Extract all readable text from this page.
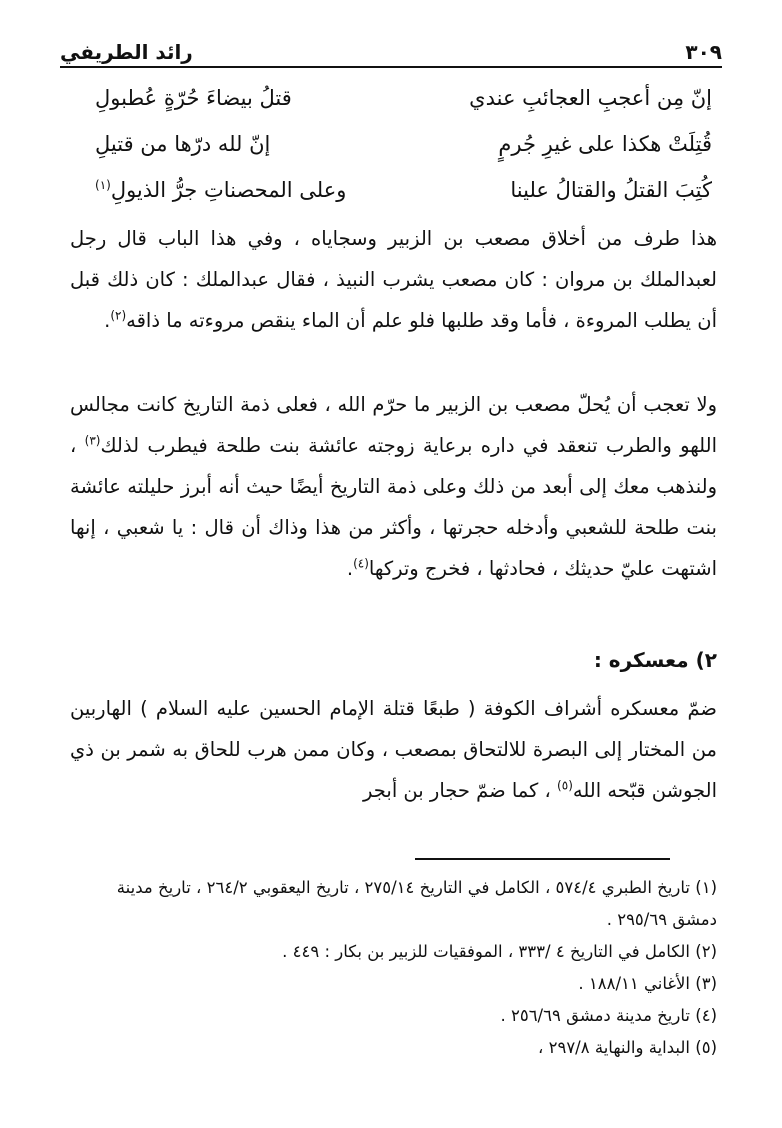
٣٠٩
رائد الطريفي
إنّ مِن أعجبِ العجائبِ عندي
قتلُ بيضاءَ حُرّةٍ عُطبولِ
قُتِلَتْ هكذا على غيرِ جُرمٍ
إنّ لله درّها من قتيلِ
كُتِبَ القتلُ والقتالُ علينا
وعلى المحصناتِ جرُّ الذيولِ$^{(١)}$

هذا طرف من أخلاق مصعب بن الزبير وسجاياه ، وفي هذا الباب قال رجل لعبدالملك بن مروان : كان مصعب يشرب النبيذ ، فقال عبدالملك : كان ذلك قبل أن يطلب المروءة ، فأما وقد طلبها فلو علم أن الماء ينقص مروءته ما ذاقه$^{(٢)}$.

ولا تعجب أن يُحلّ مصعب بن الزبير ما حرّم الله ، فعلى ذمة التاريخ كانت مجالس اللهو والطرب تنعقد في داره برعاية زوجته عائشة بنت طلحة فيطرب لذلك$^{(٣)}$ ، ولنذهب معك إلى أبعد من ذلك وعلى ذمة التاريخ أيضًا حيث أنه أبرز حليلته عائشة بنت طلحة للشعبي وأدخله حجرتها ، وأكثر من هذا وذاك أن قال : يا شعبي ، إنها اشتهت عليّ حديثك ، فحادثها ، فخرج وتركها$^{(٤)}$.

٢) معسكره :

ضمّ معسكره أشراف الكوفة ( طبعًا قتلة الإمام الحسين عليه السلام ) الهاربين من المختار إلى البصرة للالتحاق بمصعب ، وكان ممن هرب للحاق به شمر بن ذي الجوشن قبّحه الله$^{(٥)}$ ، كما ضمّ حجار بن أبجر

(١) تاريخ الطبري ٥٧٤/٤ ، الكامل في التاريخ ٢٧٥/١٤ ، تاريخ اليعقوبي ٢٦٤/٢ ، تاريخ مدينة دمشق ٢٩٥/٦٩ .

(٢) الكامل في التاريخ ٤ /٣٣٣ ، الموفقيات للزبير بن بكار : ٤٤٩ .

(٣) الأغاني ١٨٨/١١ .

(٤) تاريخ مدينة دمشق ٢٥٦/٦٩ .

(٥) البداية والنهاية ٢٩٧/٨ ،
